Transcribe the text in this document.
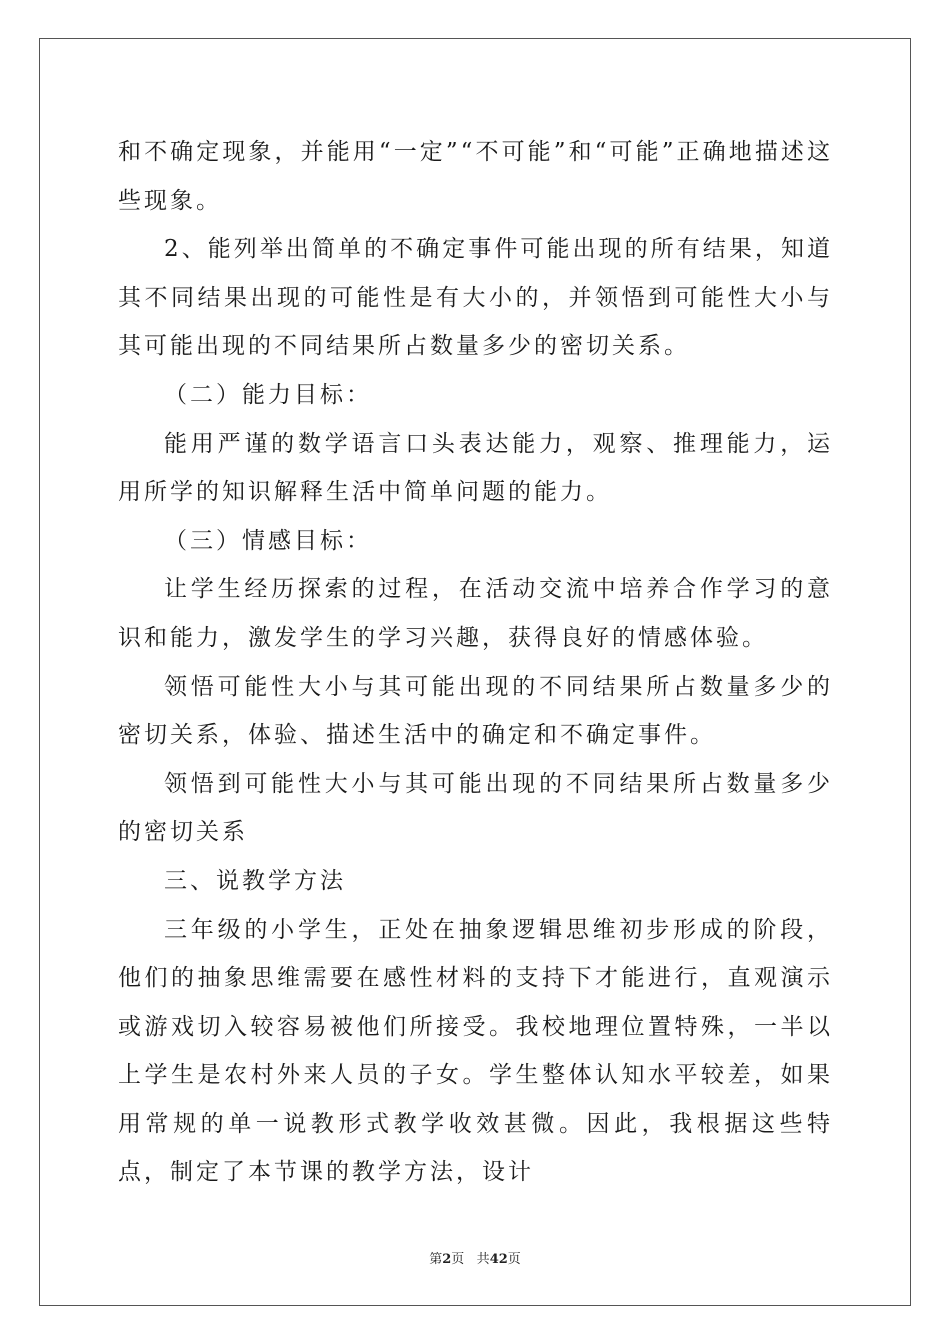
和不确定现象，并能用“一定”“不可能”和“可能”正确地描述这些现象。

2、能列举出简单的不确定事件可能出现的所有结果，知道其不同结果出现的可能性是有大小的，并领悟到可能性大小与其可能出现的不同结果所占数量多少的密切关系。

（二）能力目标：

能用严谨的数学语言口头表达能力，观察、推理能力，运用所学的知识解释生活中简单问题的能力。

（三）情感目标：

让学生经历探索的过程，在活动交流中培养合作学习的意识和能力，激发学生的学习兴趣，获得良好的情感体验。

领悟可能性大小与其可能出现的不同结果所占数量多少的密切关系，体验、描述生活中的确定和不确定事件。

领悟到可能性大小与其可能出现的不同结果所占数量多少的密切关系

三、说教学方法

三年级的小学生，正处在抽象逻辑思维初步形成的阶段，他们的抽象思维需要在感性材料的支持下才能进行，直观演示或游戏切入较容易被他们所接受。我校地理位置特殊，一半以上学生是农村外来人员的子女。学生整体认知水平较差，如果用常规的单一说教形式教学收效甚微。因此，我根据这些特点，制定了本节课的教学方法，设计

第2页 共42页
